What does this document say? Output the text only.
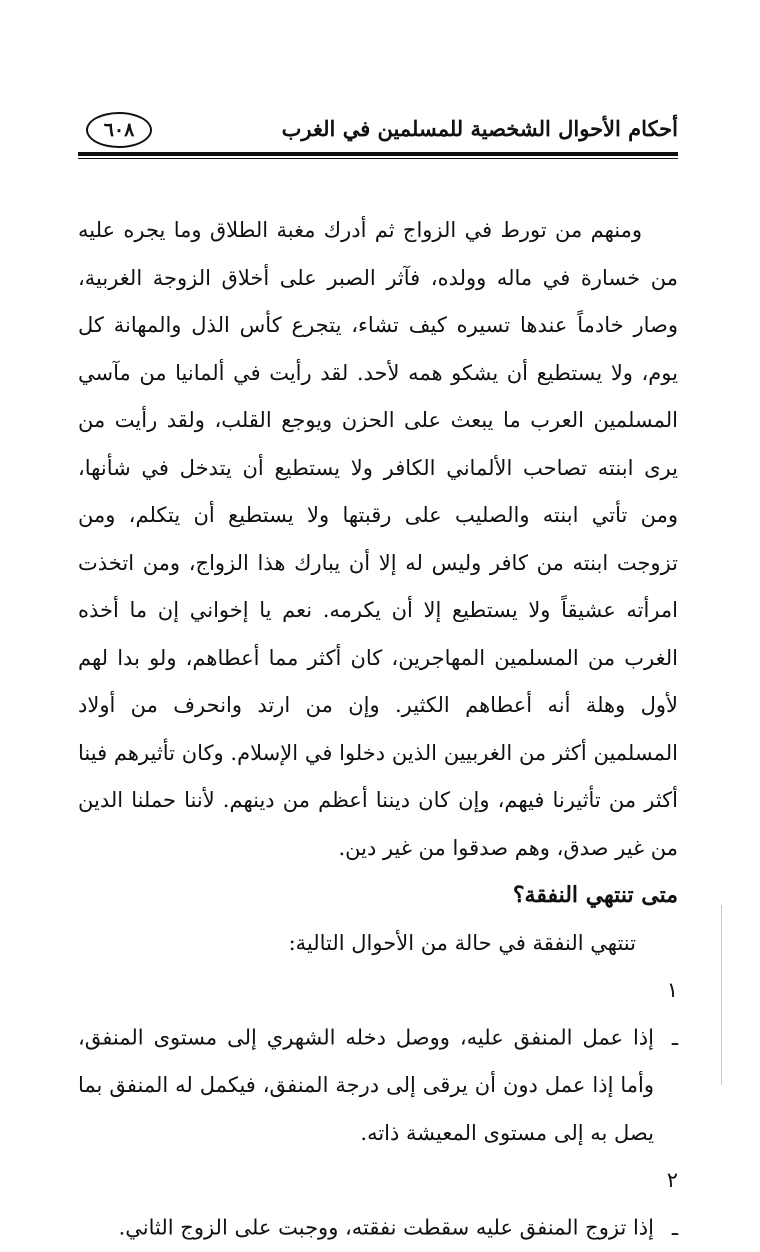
أحكام الأحوال الشخصية للمسلمين في الغرب
٦٠٨

ومنهم من تورط في الزواج ثم أدرك مغبة الطلاق وما يجره عليه من خسارة في ماله وولده، فآثر الصبر على أخلاق الزوجة الغربية، وصار خادماً عندها تسيره كيف تشاء، يتجرع كأس الذل والمهانة كل يوم، ولا يستطيع أن يشكو همه لأحد. لقد رأيت في ألمانيا من مآسي المسلمين العرب ما يبعث على الحزن ويوجع القلب، ولقد رأيت من يرى ابنته تصاحب الألماني الكافر ولا يستطيع أن يتدخل في شأنها، ومن تأتي ابنته والصليب على رقبتها ولا يستطيع أن يتكلم، ومن تزوجت ابنته من كافر وليس له إلا أن يبارك هذا الزواج، ومن اتخذت امرأته عشيقاً ولا يستطيع إلا أن يكرمه. نعم يا إخواني إن ما أخذه الغرب من المسلمين المهاجرين، كان أكثر مما أعطاهم، ولو بدا لهم لأول وهلة أنه أعطاهم الكثير. وإن من ارتد وانحرف من أولاد المسلمين أكثر من الغربيين الذين دخلوا في الإسلام. وكان تأثيرهم فينا أكثر من تأثيرنا فيهم، وإن كان ديننا أعظم من دينهم. لأننا حملنا الدين من غير صدق، وهم صدقوا من غير دين.

متى تنتهي النفقة؟

تنتهي النفقة في حالة من الأحوال التالية:

١ ـإذا عمل المنفق عليه، ووصل دخله الشهري إلى مستوى المنفق، وأما إذا عمل دون أن يرقى إلى درجة المنفق، فيكمل له المنفق بما يصل به إلى مستوى المعيشة ذاته.

٢ ـإذا تزوج المنفق عليه سقطت نفقته، ووجبت على الزوج الثاني.
